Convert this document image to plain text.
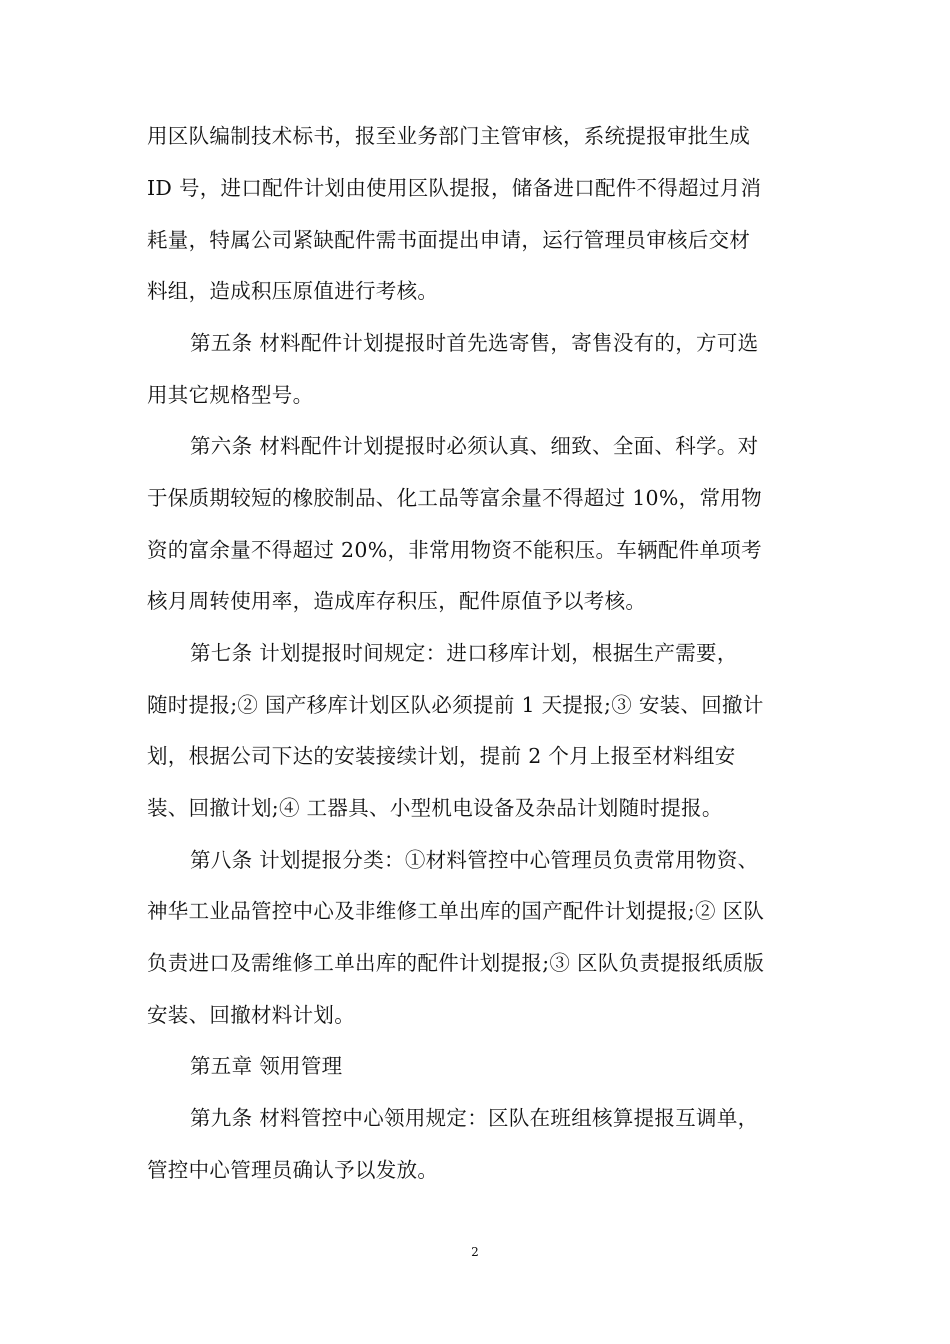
用区队编制技术标书，报至业务部门主管审核，系统提报审批生成
ID 号，进口配件计划由使用区队提报，储备进口配件不得超过月消
耗量，特属公司紧缺配件需书面提出申请，运行管理员审核后交材
料组，造成积压原值进行考核。
第五条 材料配件计划提报时首先选寄售，寄售没有的，方可选
用其它规格型号。
第六条 材料配件计划提报时必须认真、细致、全面、科学。对
于保质期较短的橡胶制品、化工品等富余量不得超过 10%，常用物
资的富余量不得超过 20%，非常用物资不能积压。车辆配件单项考
核月周转使用率，造成库存积压，配件原值予以考核。
第七条 计划提报时间规定：进口移库计划，根据生产需要，
随时提报;② 国产移库计划区队必须提前 1 天提报;③ 安装、回撤计
划，根据公司下达的安装接续计划，提前 2 个月上报至材料组安
装、回撤计划;④ 工器具、小型机电设备及杂品计划随时提报。
第八条 计划提报分类：①材料管控中心管理员负责常用物资、
神华工业品管控中心及非维修工单出库的国产配件计划提报;② 区队
负责进口及需维修工单出库的配件计划提报;③ 区队负责提报纸质版
安装、回撤材料计划。
第五章 领用管理
第九条 材料管控中心领用规定：区队在班组核算提报互调单，
管控中心管理员确认予以发放。
2
